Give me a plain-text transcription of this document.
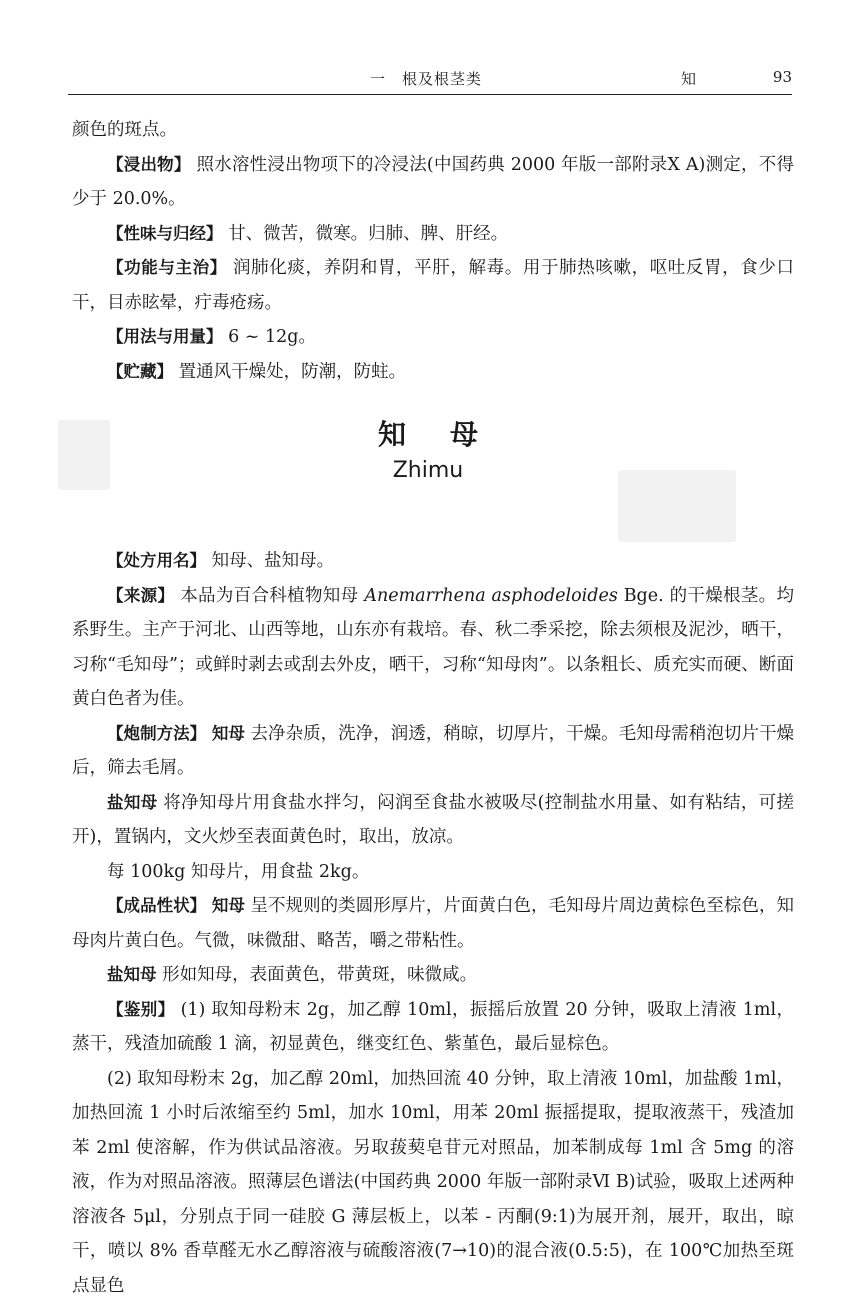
一　根及根茎类	知	93

颜色的斑点。

【浸出物】 照水溶性浸出物项下的冷浸法(中国药典 2000 年版一部附录Ⅹ A)测定，不得少于 20.0%。

【性味与归经】 甘、微苦，微寒。归肺、脾、肝经。

【功能与主治】 润肺化痰，养阴和胃，平肝，解毒。用于肺热咳嗽，呕吐反胃，食少口干，目赤眩晕，疔毒疮疡。

【用法与用量】 6 ~ 12g。

【贮藏】 置通风干燥处，防潮，防蛀。

知母
Zhimu

【处方用名】 知母、盐知母。

【来源】 本品为百合科植物知母 Anemarrhena asphodeloides Bge. 的干燥根茎。均系野生。主产于河北、山西等地，山东亦有栽培。春、秋二季采挖，除去须根及泥沙，晒干，习称“毛知母”；或鲜时剥去或刮去外皮，晒干，习称“知母肉”。以条粗长、质充实而硬、断面黄白色者为佳。

【炮制方法】 知母 去净杂质，洗净，润透，稍晾，切厚片，干燥。毛知母需稍泡切片干燥后，筛去毛屑。

盐知母 将净知母片用食盐水拌匀，闷润至食盐水被吸尽(控制盐水用量、如有粘结，可搓开)，置锅内，文火炒至表面黄色时，取出，放凉。

每 100kg 知母片，用食盐 2kg。

【成品性状】 知母 呈不规则的类圆形厚片，片面黄白色，毛知母片周边黄棕色至棕色，知母肉片黄白色。气微，味微甜、略苦，嚼之带粘性。

盐知母 形如知母，表面黄色，带黄斑，味微咸。

【鉴别】 (1) 取知母粉末 2g，加乙醇 10ml，振摇后放置 20 分钟，吸取上清液 1ml，蒸干，残渣加硫酸 1 滴，初显黄色，继变红色、紫堇色，最后显棕色。

(2) 取知母粉末 2g，加乙醇 20ml，加热回流 40 分钟，取上清液 10ml，加盐酸 1ml，加热回流 1 小时后浓缩至约 5ml，加水 10ml，用苯 20ml 振摇提取，提取液蒸干，残渣加苯 2ml 使溶解，作为供试品溶液。另取菝葜皂苷元对照品，加苯制成每 1ml 含 5mg 的溶液，作为对照品溶液。照薄层色谱法(中国药典 2000 年版一部附录Ⅵ B)试验，吸取上述两种溶液各 5μl，分别点于同一硅胶 G 薄层板上，以苯 - 丙酮(9:1)为展开剂，展开，取出，晾干，喷以 8% 香草醛无水乙醇溶液与硫酸溶液(7→10)的混合液(0.5:5)，在 100℃加热至斑点显色
